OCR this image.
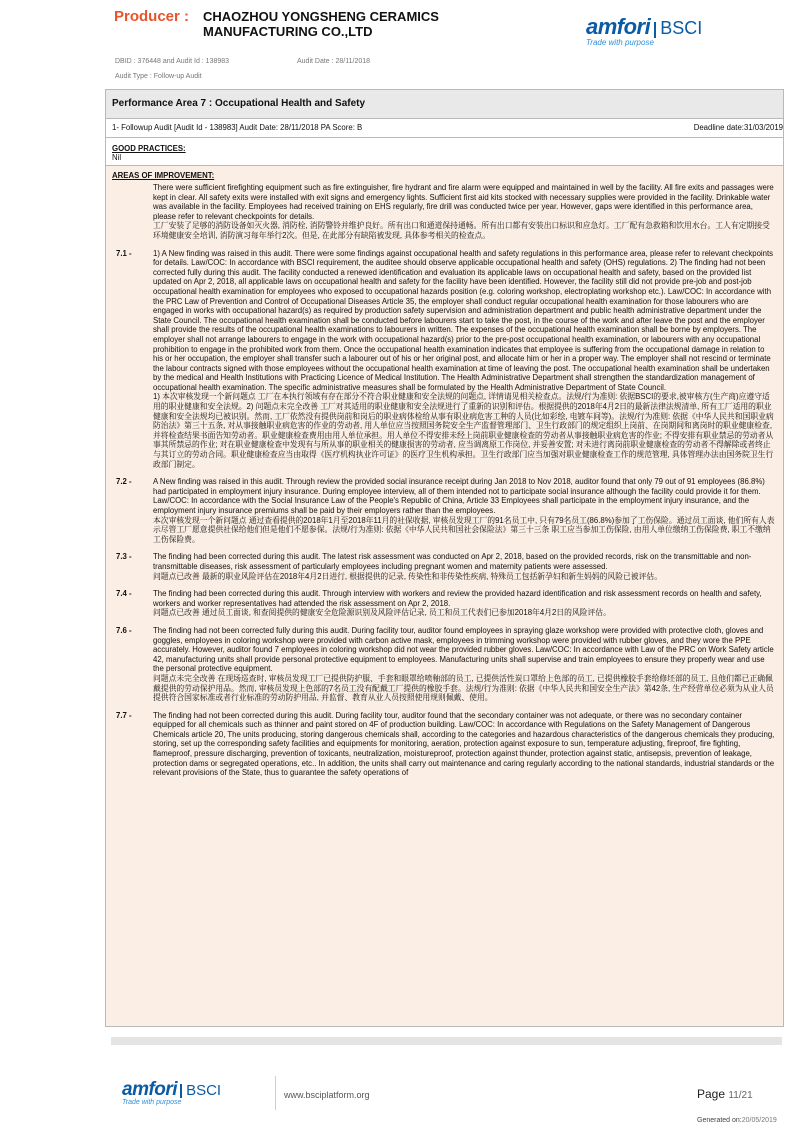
Producer : CHAOZHOU YONGSHENG CERAMICS MANUFACTURING CO.,LTD
DBID : 376448 and Audit Id : 138983	Audit Date : 28/11/2018
Audit Type : Follow-up Audit
amfori BSCI
Trade with purpose
Performance Area 7 : Occupational Health and Safety
1- Followup Audit [Audit Id - 138983] Audit Date: 28/11/2018 PA Score: B	Deadline date:31/03/2019
GOOD PRACTICES:
Nil
AREAS OF IMPROVEMENT:
There were sufficient firefighting equipment such as fire extinguisher, fire hydrant and fire alarm were equipped and maintained in well by the facility. All fire exits and passages were kept in clear. All safety exits were installed with exit signs and emergency lights. Sufficient first aid kits stocked with necessary supplies were provided in the facility. Drinkable water was available in the facility. Employees had received training on EHS regularly, fire drill was conducted twice per year. However, gaps were identified in this performance area, please refer to relevant checkpoints for details.
工厂安装了足够的消防设备如灭火器, 消防栓, 消防警铃并维护良好。所有出口和通道保持通畅。所有出口都有安装出口标识和应急灯。工厂配有急救箱和饮用水台。工人有定期接受环境健康安全培训, 消防演习每年举行2次。但是, 在此部分有缺陷被发现, 具体参考相关的检查点。
7.1 -	1) A New finding was raised in this audit. There were some findings against occupational health and safety regulations in this performance area, please refer to relevant checkpoints for details. Law/COC: In accordance with BSCI requirement, the auditee should observe applicable occupational health and safety (OHS) regulations. 2) The finding had not been corrected fully during this audit. The facility conducted a renewed identification and evaluation its applicable laws on occupational health and safety, based on the provided list updated on Apr 2, 2018, all applicable laws on occupational health and safety for the facility have been identified. However, the facility still did not provide pre-job and post-job occupational health examination for employees who exposed to occupational hazards position (e.g. coloring workshop, electroplating workshop etc.). Law/COC: In accordance with the PRC Law of Prevention and Control of Occupational Diseases Article 35, the employer shall conduct regular occupational health examination for those labourers who are engaged in works with occupational hazard(s) as required by production safety supervision and administration department and public health administrative department under the State Council. The occupational health examination shall be conducted before labourers start to take the post, in the course of the work and after leave the post and the employer shall provide the results of the occupational health examinations to labourers in written. The expenses of the occupational health examination shall be borne by employers. The employer shall not arrange labourers to engage in the work with occupational hazard(s) prior to the pre-post occupational health examination, or labourers with any occupational prohibition to engage in the prohibited work from them. Once the occupational health examination indicates that employee is suffering from the occupational damage in relation to his or her occupation, the employer shall transfer such a labourer out of his or her original post, and allocate him or her in a proper way. The employer shall not rescind or terminate the labour contracts signed with those employees without the occupational health examination at time of leaving the post. The occupational health examination shall be undertaken by the medical and Health Institutions with Practicing Licence of Medical Institution. The Health Administrative Department shall strengthen the standardization management of occupational health examination. The specific administrative measures shall be formulated by the Health Administrative Department of State Council.
1) 本次审核发现一个新问题点 工厂在本执行领域有存在部分不符合职业健康和安全法规的问题点, 详情请见相关检查点。法规/行为准则: 依据BSCI的要求,被审核方(生产商)应遵守适用的职业健康和安全法规。2) 问题点未完全改善 工厂对其适用的职业健康和安全法规进行了重新的识别和评估。根据提供的2018年4月2日的最新法律法规清单, 所有工厂适用的职业健康和安全法规均已被识别。然而, 工厂依然没有提供岗前和岗后的职业病体检给从事有职业病危害工种的人员(比如彩绘, 电镀车间等)。法规/行为准则: 依据《中华人民共和国职业病防治法》第三十五条, 对从事接触职业病危害的作业的劳动者, 用人单位应当按照国务院安全生产监督管理部门、卫生行政部门的规定组织上岗前、在岗期间和离岗时的职业健康检查, 并将检查结果书面告知劳动者。职业健康检查费用由用人单位承担。用人单位不得安排未经上岗前职业健康检查的劳动者从事接触职业病危害的作业; 不得安排有职业禁忌的劳动者从事其所禁忌的作业; 对在职业健康检查中发现有与所从事的职业相关的健康损害的劳动者, 应当调离原工作岗位, 并妥善安置; 对未进行离岗前职业健康检查的劳动者不得解除或者终止与其订立的劳动合同。职业健康检查应当由取得《医疗机构执业许可证》的医疗卫生机构承担。卫生行政部门应当加强对职业健康检查工作的规范管理, 具体管理办法由国务院卫生行政部门制定。
7.2 -	A New finding was raised in this audit. Through review the provided social insurance receipt during Jan 2018 to Nov 2018, auditor found that only 79 out of 91 employees (86.8%) had participated in employment injury insurance. During employee interview, all of them intended not to participate social insurance although the facility could provide it for them. Law/COC: In accordance with the Social Insurance Law of the People's Republic of China, Article 33 Employees shall participate in the employment injury insurance, and the employment injury insurance premiums shall be paid by their employers rather than the employees.
本次审核发现一个新问题点 通过查看提供的2018年1月至2018年11月的社保收据, 审核员发现工厂的91名员工中, 只有79名员工(86.8%)参加了工伤保险。通过员工面谈, 他们所有人表示尽管工厂愿意提供社保给他们但是他们不愿参保。法规/行为准则: 依据《中华人民共和国社会保险法》第三十三条 职工应当参加工伤保险, 由用人单位缴纳工伤保险费, 职工不缴纳工伤保险费。
7.3 -	The finding had been corrected during this audit. The latest risk assessment was conducted on Apr 2, 2018, based on the provided records, risk on the transmittable and non-transmittable diseases, risk assessment of particularly employees including pregnant women and maternity patients were assessed.
问题点已改善 最新的职业风险评估在2018年4月2日进行, 根据提供的记录, 传染性和非传染性疾病, 特殊员工包括新孕妇和新生妈妈的风险已被评估。
7.4 -	The finding had been corrected during this audit. Through interview with workers and review the provided hazard identification and risk assessment records on health and safety, workers and worker representatives had attended the risk assessment on Apr 2, 2018.
问题点已改善 通过员工面谈, 和查阅提供的健康安全危险源识别及风险评估记录, 员工和员工代表们已参加2018年4月2日的风险评估。
7.6 -	The finding had not been corrected fully during this audit. During facility tour, auditor found employees in spraying glaze workshop were provided with protective cloth, gloves and goggles, employees in coloring workshop were provided with carbon active mask, employees in trimming workshop were provided with rubber gloves, and they wore the PPE accurately. However, auditor found 7 employees in coloring workshop did not wear the provided rubber gloves. Law/COC: In accordance with Law of the PRC on Work Safety article 42, manufacturing units shall provide personal protective equipment to employees. Manufacturing units shall supervise and train employees to ensure they properly wear and use the personal protective equipment.
问题点未完全改善 在现场巡查时, 审核员发现工厂已提供防护服、手套和眼罩给喷釉部的员工, 已提供活性炭口罩给上色部的员工, 已提供橡胶手套给修坯部的员工, 且他们都已正确佩戴提供的劳动保护用品。然而, 审核员发现上色部的7名员工没有配戴工厂提供的橡胶手套。法规/行为准则: 依据《中华人民共和国安全生产法》第42条, 生产经营单位必须为从业人员提供符合国家标准或者行业标准的劳动防护用品, 并监督、教育从业人员按照使用规则佩戴、使用。
7.7 -	The finding had not been corrected during this audit. During facility tour, auditor found that the secondary container was not adequate, or there was no secondary container equipped for all chemicals such as thinner and paint stored on 4F of production building. Law/COC: In accordance with Regulations on the Safety Management of Dangerous Chemicals article 20, The units producing, storing dangerous chemicals shall, according to the categories and hazardous characteristics of the dangerous chemicals they producing, storing, set up the corresponding safety facilities and equipments for monitoring, aeration, protection against exposure to sun, temperature adjusting, fireproof, fire fighting, flameproof, pressure discharging, prevention of toxicants, neutralization, moistureproof, protection against thunder, protection against static, antisepsis, prevention of leakage, protection dams or segregated operations, etc.. In addition, the units shall carry out maintenance and caring regularly according to the national standards, industrial standards or the relevant provisions of the State, thus to guarantee the safety operations of
amfori BSCI
Trade with purpose
www.bsciplatform.org	Page 11/21
Generated on:20/05/2019
